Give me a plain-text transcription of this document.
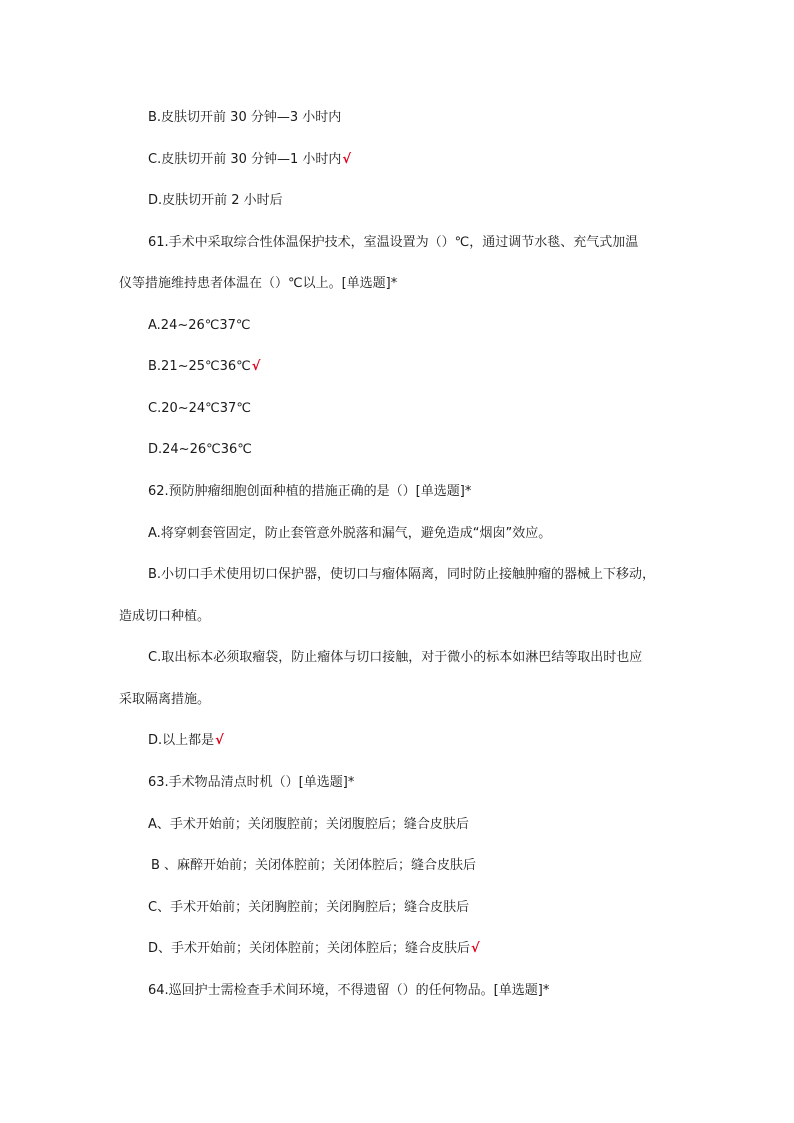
B.皮肤切开前 30 分钟—3 小时内
C.皮肤切开前 30 分钟—1 小时内√
D.皮肤切开前 2 小时后
61.手术中采取综合性体温保护技术，室温设置为（）℃，通过调节水毯、充气式加温
仪等措施维持患者体温在（）℃以上。[单选题]*
A.24~26℃37℃
B.21~25℃36℃√
C.20~24℃37℃
D.24~26℃36℃
62.预防肿瘤细胞创面种植的措施正确的是（）[单选题]*
A.将穿刺套管固定，防止套管意外脱落和漏气，避免造成“烟囱”效应。
B.小切口手术使用切口保护器，使切口与瘤体隔离，同时防止接触肿瘤的器械上下移动，
造成切口种植。
C.取出标本必须取瘤袋，防止瘤体与切口接触，对于微小的标本如淋巴结等取出时也应
采取隔离措施。
D.以上都是√
63.手术物品清点时机（）[单选题]*
A、手术开始前；关闭腹腔前；关闭腹腔后；缝合皮肤后
B 、麻醉开始前；关闭体腔前；关闭体腔后；缝合皮肤后
C、手术开始前；关闭胸腔前；关闭胸腔后；缝合皮肤后
D、手术开始前；关闭体腔前；关闭体腔后；缝合皮肤后√
64.巡回护士需检查手术间环境，不得遗留（）的任何物品。[单选题]*
